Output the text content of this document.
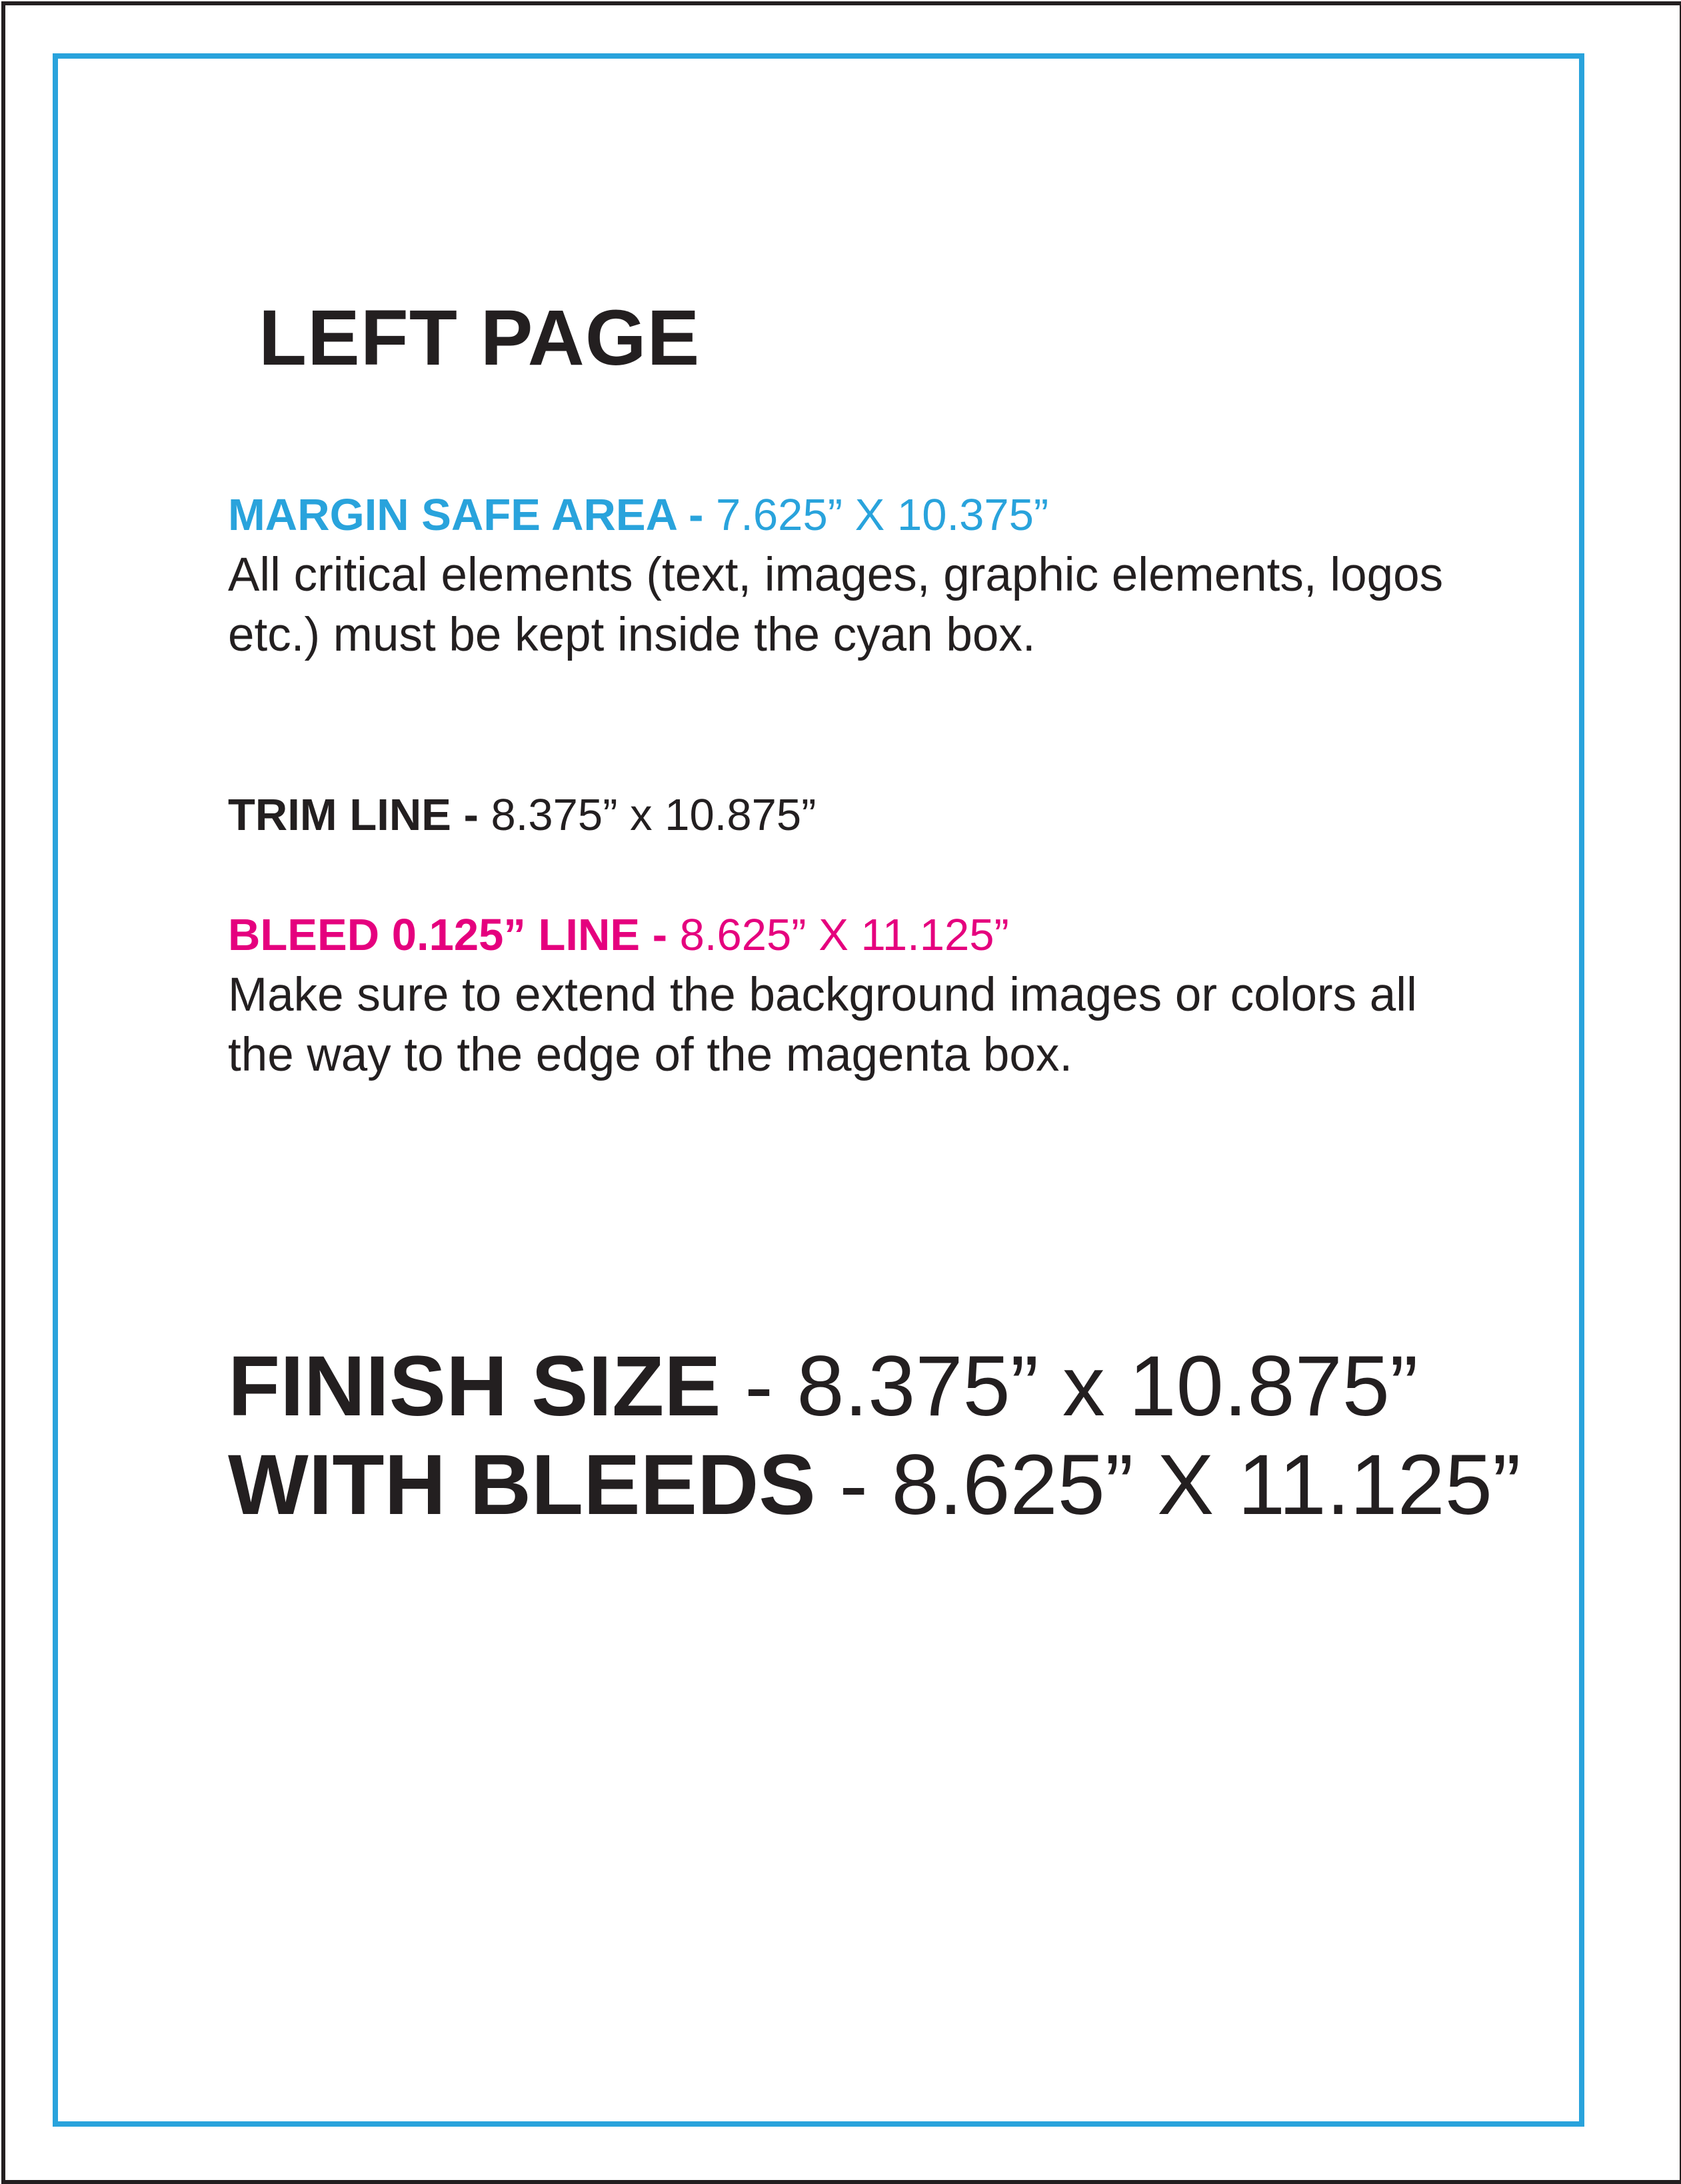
LEFT PAGE
MARGIN SAFE AREA - 7.625” X 10.375”
All critical elements (text, images, graphic elements, logos etc.) must be kept inside the cyan box.
TRIM LINE - 8.375” x 10.875”
BLEED 0.125” LINE - 8.625” X 11.125”
Make sure to extend the background images or colors all the way to the edge of the magenta box.
FINISH SIZE - 8.375” x 10.875”
WITH BLEEDS - 8.625” X 11.125”
